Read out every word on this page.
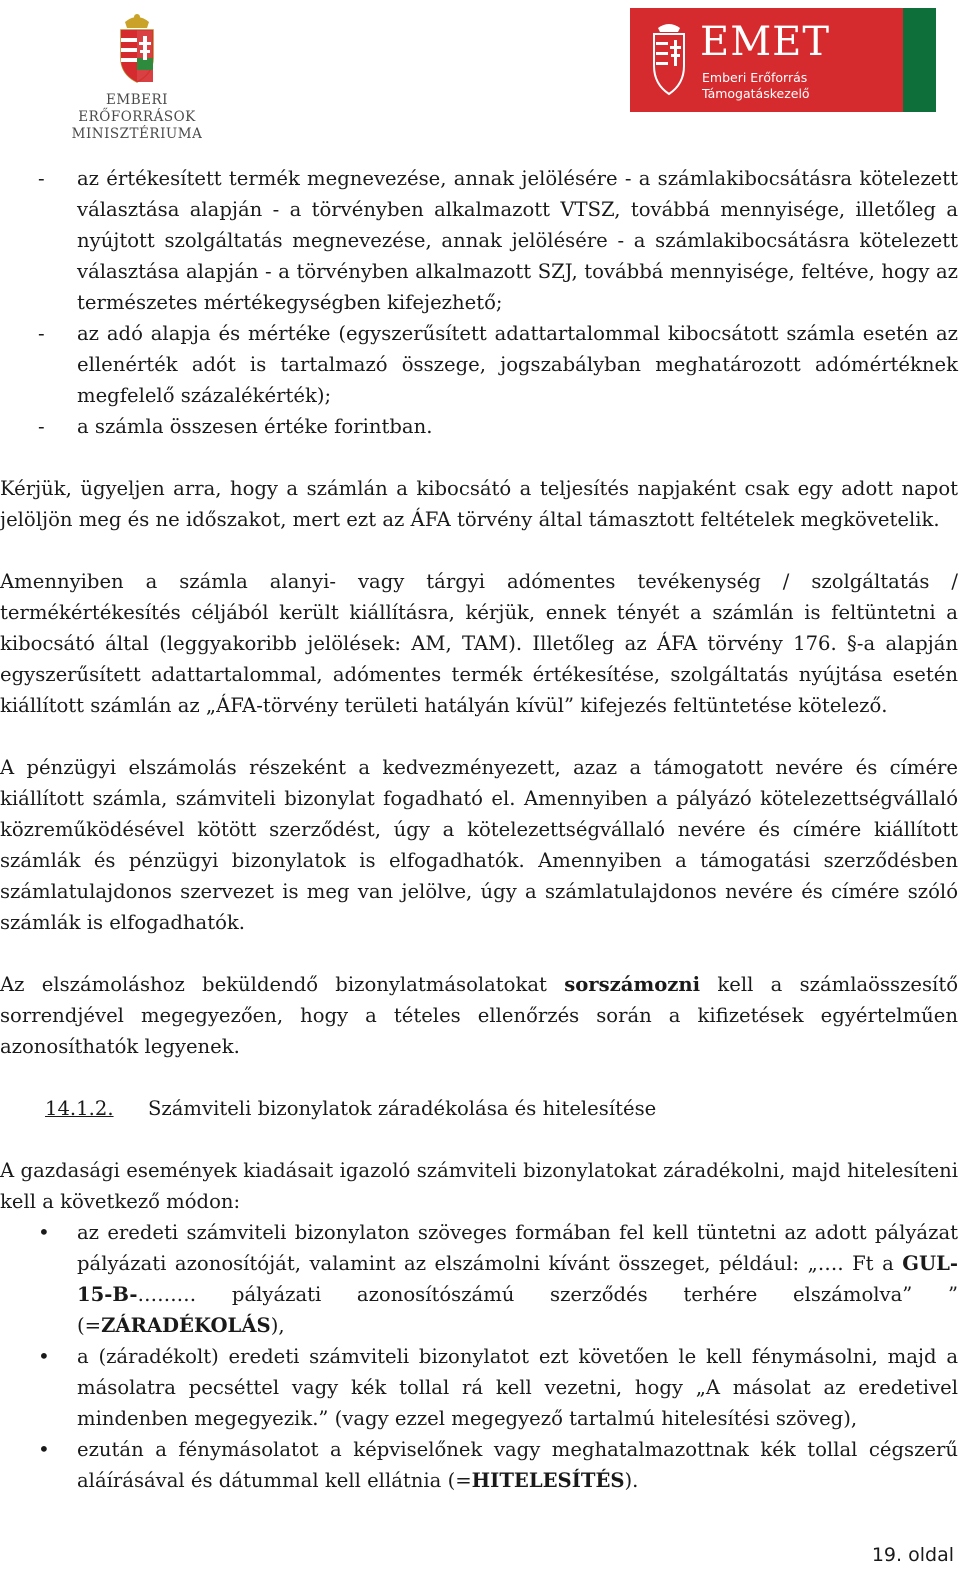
EMBERI ERŐFORRÁSOK
MINISZTÉRIUMA
EMET
Emberi Erőforrás
Támogatáskezelő
- az értékesített termék megnevezése, annak jelölésére - a számlakibocsátásra kötelezett választása alapján - a törvényben alkalmazott VTSZ, továbbá mennyisége, illetőleg a nyújtott szolgáltatás megnevezése, annak jelölésére - a számlakibocsátásra kötelezett választása alapján - a törvényben alkalmazott SZJ, továbbá mennyisége, feltéve, hogy az természetes mértékegységben kifejezhető;
- az adó alapja és mértéke (egyszerűsített adattartalommal kibocsátott számla esetén az ellenérték adót is tartalmazó összege, jogszabályban meghatározott adómértéknek megfelelő százalékérték);
- a számla összesen értéke forintban.

Kérjük, ügyeljen arra, hogy a számlán a kibocsátó a teljesítés napjaként csak egy adott napot jelöljön meg és ne időszakot, mert ezt az ÁFA törvény által támasztott feltételek megkövetelik.

Amennyiben a számla alanyi- vagy tárgyi adómentes tevékenység / szolgáltatás / termékértékesítés céljából került kiállításra, kérjük, ennek tényét a számlán is feltüntetni a kibocsátó által (leggyakoribb jelölések: AM, TAM). Illetőleg az ÁFA törvény 176. §-a alapján egyszerűsített adattartalommal, adómentes termék értékesítése, szolgáltatás nyújtása esetén kiállított számlán az „ÁFA-törvény területi hatályán kívül” kifejezés feltüntetése kötelező.

A pénzügyi elszámolás részeként a kedvezményezett, azaz a támogatott nevére és címére kiállított számla, számviteli bizonylat fogadható el. Amennyiben a pályázó kötelezettségvállaló közreműködésével kötött szerződést, úgy a kötelezettségvállaló nevére és címére kiállított számlák és pénzügyi bizonylatok is elfogadhatók. Amennyiben a támogatási szerződésben számlatulajdonos szervezet is meg van jelölve, úgy a számlatulajdonos nevére és címére szóló számlák is elfogadhatók.

Az elszámoláshoz beküldendő bizonylatmásolatokat sorszámozni kell a számlaösszesítő sorrendjével megegyezően, hogy a tételes ellenőrzés során a kifizetések egyértelműen azonosíthatók legyenek.

14.1.2. Számviteli bizonylatok záradékolása és hitelesítése

A gazdasági események kiadásait igazoló számviteli bizonylatokat záradékolni, majd hitelesíteni kell a következő módon:

• az eredeti számviteli bizonylaton szöveges formában fel kell tüntetni az adott pályázat pályázati azonosítóját, valamint az elszámolni kívánt összeget, például: „…. Ft a GUL-15-B-……… pályázati azonosítószámú szerződés terhére elszámolva” ” (=ZÁRADÉKOLÁS),
• a (záradékolt) eredeti számviteli bizonylatot ezt követően le kell fénymásolni, majd a másolatra pecséttel vagy kék tollal rá kell vezetni, hogy „A másolat az eredetivel mindenben megegyezik.” (vagy ezzel megegyező tartalmú hitelesítési szöveg),
• ezután a fénymásolatot a képviselőnek vagy meghatalmazottnak kék tollal cégszerű aláírásával és dátummal kell ellátnia (=HITELESÍTÉS).
19. oldal
